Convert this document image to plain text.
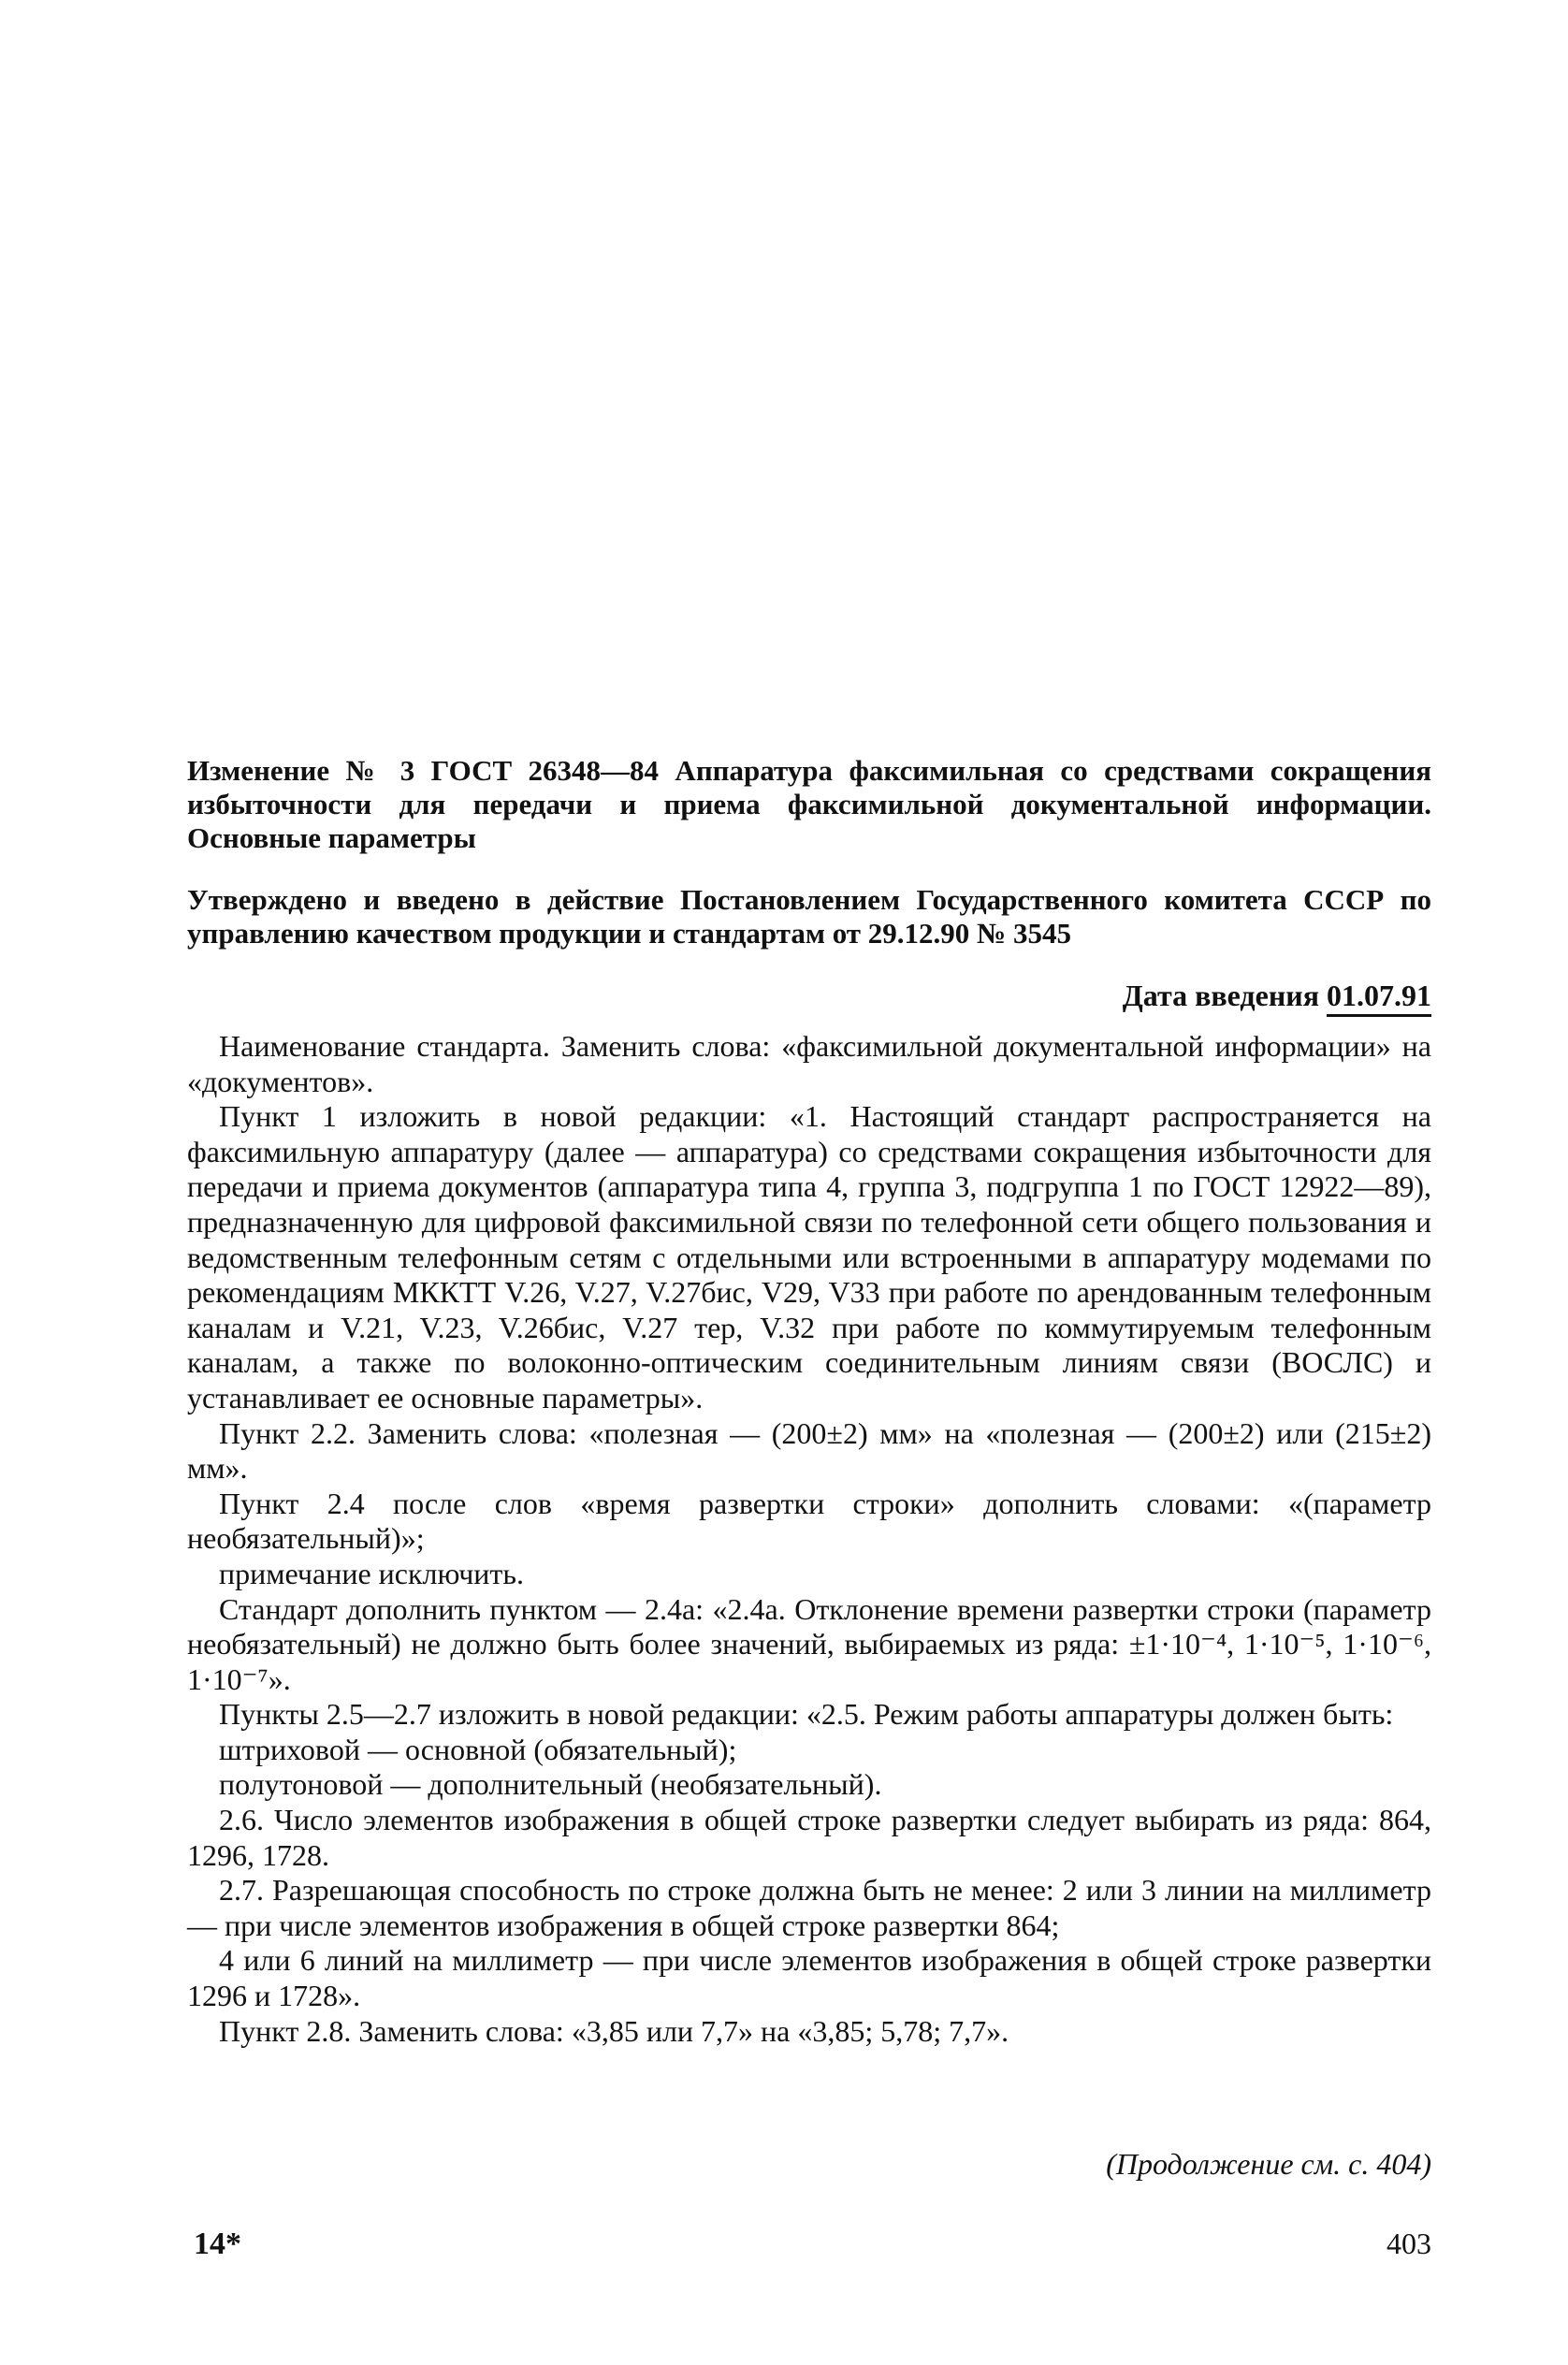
Изменение № 3 ГОСТ 26348—84 Аппаратура факсимильная со средствами сокращения избыточности для передачи и приема факсимильной документальной информации. Основные параметры

Утверждено и введено в действие Постановлением Государственного комитета СССР по управлению качеством продукции и стандартам от 29.12.90 № 3545

Дата введения 01.07.91

Наименование стандарта. Заменить слова: «факсимильной документальной информации» на «документов».

Пункт 1 изложить в новой редакции: «1. Настоящий стандарт распространяется на факсимильную аппаратуру (далее — аппаратура) со средствами сокращения избыточности для передачи и приема документов (аппаратура типа 4, группа 3, подгруппа 1 по ГОСТ 12922—89), предназначенную для цифровой факсимильной связи по телефонной сети общего пользования и ведомственным телефонным сетям с отдельными или встроенными в аппаратуру модемами по рекомендациям МККТТ V.26, V.27, V.27бис, V29, V33 при работе по арендованным телефонным каналам и V.21, V.23, V.26бис, V.27 тер, V.32 при работе по коммутируемым телефонным каналам, а также по волоконно-оптическим соединительным линиям связи (ВОСЛС) и устанавливает ее основные параметры».

Пункт 2.2. Заменить слова: «полезная — (200±2) мм» на «полезная — (200±2) или (215±2) мм».

Пункт 2.4 после слов «время развертки строки» дополнить словами: «(параметр необязательный)»;

примечание исключить.

Стандарт дополнить пунктом — 2.4а: «2.4а. Отклонение времени развертки строки (параметр необязательный) не должно быть более значений, выбираемых из ряда: ±1·10⁻⁴, 1·10⁻⁵, 1·10⁻⁶, 1·10⁻⁷».

Пункты 2.5—2.7 изложить в новой редакции: «2.5. Режим работы аппаратуры должен быть:

штриховой — основной (обязательный);

полутоновой — дополнительный (необязательный).

2.6. Число элементов изображения в общей строке развертки следует выбирать из ряда: 864, 1296, 1728.

2.7. Разрешающая способность по строке должна быть не менее: 2 или 3 линии на миллиметр — при числе элементов изображения в общей строке развертки 864;

4 или 6 линий на миллиметр — при числе элементов изображения в общей строке развертки 1296 и 1728».

Пункт 2.8. Заменить слова: «3,85 или 7,7» на «3,85; 5,78; 7,7».

(Продолжение см. с. 404)
14*	403
